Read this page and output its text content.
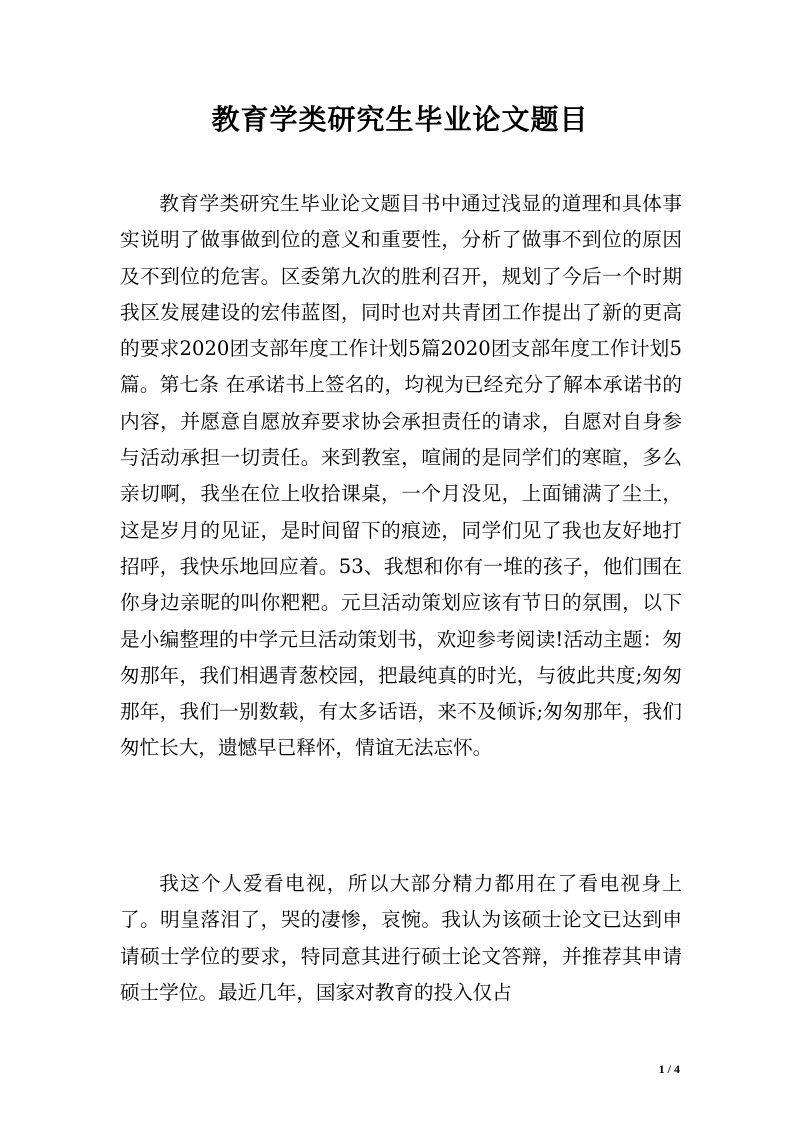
教育学类研究生毕业论文题目

教育学类研究生毕业论文题目书中通过浅显的道理和具体事实说明了做事做到位的意义和重要性，分析了做事不到位的原因及不到位的危害。区委第九次的胜利召开，规划了今后一个时期我区发展建设的宏伟蓝图，同时也对共青团工作提出了新的更高的要求2020团支部年度工作计划5篇2020团支部年度工作计划5篇。第七条 在承诺书上签名的，均视为已经充分了解本承诺书的内容，并愿意自愿放弃要求协会承担责任的请求，自愿对自身参与活动承担一切责任。来到教室，喧闹的是同学们的寒暄，多么亲切啊，我坐在位上收拾课桌，一个月没见，上面铺满了尘土，这是岁月的见证，是时间留下的痕迹，同学们见了我也友好地打招呼，我快乐地回应着。53、我想和你有一堆的孩子，他们围在你身边亲昵的叫你粑粑。元旦活动策划应该有节日的氛围，以下是小编整理的中学元旦活动策划书，欢迎参考阅读!活动主题：匆匆那年，我们相遇青葱校园，把最纯真的时光，与彼此共度;匆匆那年，我们一别数载，有太多话语，来不及倾诉;匆匆那年，我们匆忙长大，遗憾早已释怀，情谊无法忘怀。

我这个人爱看电视，所以大部分精力都用在了看电视身上了。明皇落泪了，哭的凄惨，哀惋。我认为该硕士论文已达到申请硕士学位的要求，特同意其进行硕士论文答辩，并推荐其申请硕士学位。最近几年，国家对教育的投入仅占

1 / 4
